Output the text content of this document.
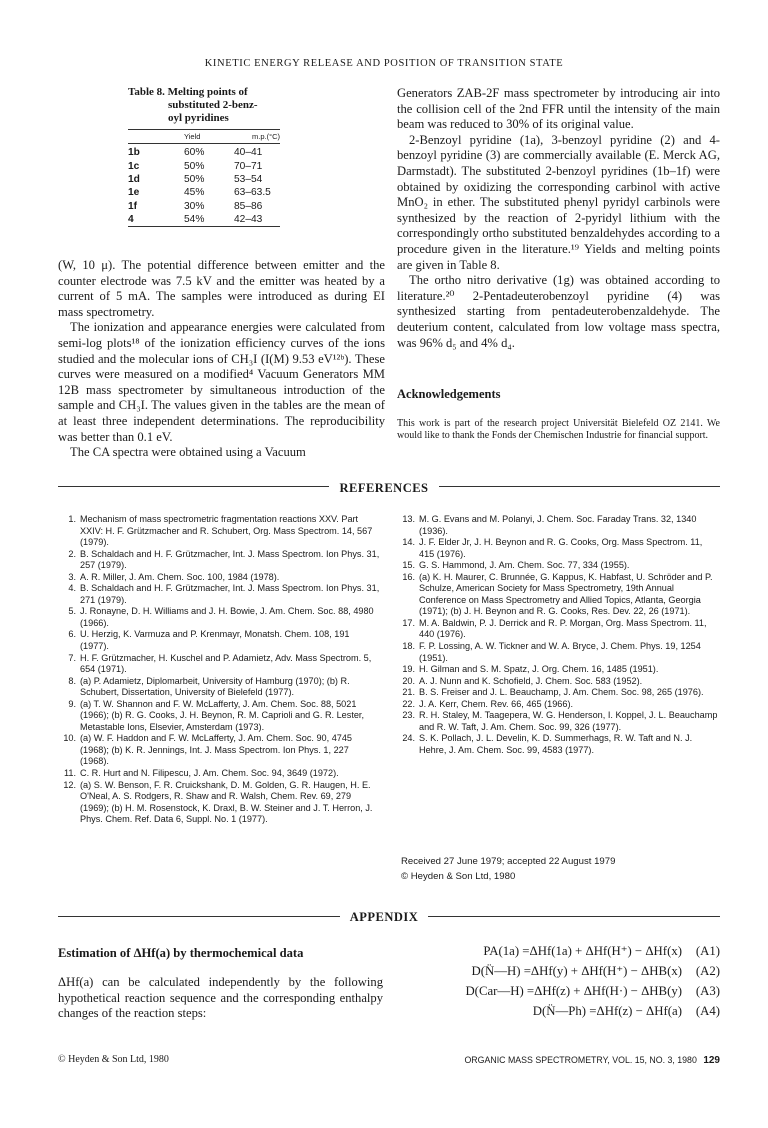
KINETIC ENERGY RELEASE AND POSITION OF TRANSITION STATE
Table 8. Melting points of
substituted 2-benz-
oyl pyridines
	Yield	m.p.(°C)

1b	60%	40–41
1c	50%	70–71
1d	50%	53–54
1e	45%	63–63.5
1f	30%	85–86
4	54%	42–43

(W, 10 μ). The potential difference between emitter and the counter electrode was 7.5 kV and the emitter was heated by a current of 5 mA. The samples were introduced as during EI mass spectrometry.

The ionization and appearance energies were calculated from semi-log plots¹⁸ of the ionization efficiency curves of the ions studied and the molecular ions of CH₃I (I(M) 9.53 eV¹²ᵇ). These curves were measured on a modified⁴ Vacuum Generators MM 12B mass spectrometer by simultaneous introduction of the sample and CH₃I. The values given in the tables are the mean of at least three independent determinations. The reproducibility was better than 0.1 eV.

The CA spectra were obtained using a Vacuum

Generators ZAB-2F mass spectrometer by introducing air into the collision cell of the 2nd FFR until the intensity of the main beam was reduced to 30% of its original value.

2-Benzoyl pyridine (1a), 3-benzoyl pyridine (2) and 4-benzoyl pyridine (3) are commercially available (E. Merck AG, Darmstadt). The substituted 2-benzoyl pyridines (1b–1f) were obtained by oxidizing the corresponding carbinol with active MnO₂ in ether. The substituted phenyl pyridyl carbinols were synthesized by the reaction of 2-pyridyl lithium with the correspondingly ortho substituted benzaldehydes according to a procedure given in the literature.¹⁹ Yields and melting points are given in Table 8.

The ortho nitro derivative (1g) was obtained according to literature.²⁰ 2-Pentadeuterobenzoyl pyridine (4) was synthesized starting from pentadeuterobenzaldehyde. The deuterium content, calculated from low voltage mass spectra, was 96% d₅ and 4% d₄.

Acknowledgements
This work is part of the research project Universität Bielefeld OZ 2141. We would like to thank the Fonds der Chemischen Industrie for financial support.
REFERENCES
1. Mechanism of mass spectrometric fragmentation reactions XXV. Part XXIV: H. F. Grützmacher and R. Schubert, Org. Mass Spectrom. 14, 567 (1979).
2. B. Schaldach and H. F. Grützmacher, Int. J. Mass Spectrom. Ion Phys. 31, 257 (1979).
3. A. R. Miller, J. Am. Chem. Soc. 100, 1984 (1978).
4. B. Schaldach and H. F. Grützmacher, Int. J. Mass Spectrom. Ion Phys. 31, 271 (1979).
5. J. Ronayne, D. H. Williams and J. H. Bowie, J. Am. Chem. Soc. 88, 4980 (1966).
6. U. Herzig, K. Varmuza and P. Krenmayr, Monatsh. Chem. 108, 191 (1977).
7. H. F. Grützmacher, H. Kuschel and P. Adamietz, Adv. Mass Spectrom. 5, 654 (1971).
8. (a) P. Adamietz, Diplomarbeit, University of Hamburg (1970); (b) R. Schubert, Dissertation, University of Bielefeld (1977).
9. (a) T. W. Shannon and F. W. McLafferty, J. Am. Chem. Soc. 88, 5021 (1966); (b) R. G. Cooks, J. H. Beynon, R. M. Caprioli and G. R. Lester, Metastable Ions, Elsevier, Amsterdam (1973).
10. (a) W. F. Haddon and F. W. McLafferty, J. Am. Chem. Soc. 90, 4745 (1968); (b) K. R. Jennings, Int. J. Mass Spectrom. Ion Phys. 1, 227 (1968).
11. C. R. Hurt and N. Filipescu, J. Am. Chem. Soc. 94, 3649 (1972).
12. (a) S. W. Benson, F. R. Cruickshank, D. M. Golden, G. R. Haugen, H. E. O'Neal, A. S. Rodgers, R. Shaw and R. Walsh, Chem. Rev. 69, 279 (1969); (b) H. M. Rosenstock, K. Draxl, B. W. Steiner and J. T. Herron, J. Phys. Chem. Ref. Data 6, Suppl. No. 1 (1977).
13. M. G. Evans and M. Polanyi, J. Chem. Soc. Faraday Trans. 32, 1340 (1936).
14. J. F. Elder Jr, J. H. Beynon and R. G. Cooks, Org. Mass Spectrom. 11, 415 (1976).
15. G. S. Hammond, J. Am. Chem. Soc. 77, 334 (1955).
16. (a) K. H. Maurer, C. Brunnée, G. Kappus, K. Habfast, U. Schröder and P. Schulze, American Society for Mass Spectrometry, 19th Annual Conference on Mass Spectrometry and Allied Topics, Atlanta, Georgia (1971); (b) J. H. Beynon and R. G. Cooks, Res. Dev. 22, 26 (1971).
17. M. A. Baldwin, P. J. Derrick and R. P. Morgan, Org. Mass Spectrom. 11, 440 (1976).
18. F. P. Lossing, A. W. Tickner and W. A. Bryce, J. Chem. Phys. 19, 1254 (1951).
19. H. Gilman and S. M. Spatz, J. Org. Chem. 16, 1485 (1951).
20. A. J. Nunn and K. Schofield, J. Chem. Soc. 583 (1952).
21. B. S. Freiser and J. L. Beauchamp, J. Am. Chem. Soc. 98, 265 (1976).
22. J. A. Kerr, Chem. Rev. 66, 465 (1966).
23. R. H. Staley, M. Taagepera, W. G. Henderson, I. Koppel, J. L. Beauchamp and R. W. Taft, J. Am. Chem. Soc. 99, 326 (1977).
24. S. K. Pollach, J. L. Develin, K. D. Summerhags, R. W. Taft and N. J. Hehre, J. Am. Chem. Soc. 99, 4583 (1977).
Received 27 June 1979; accepted 22 August 1979
© Heyden & Son Ltd, 1980
APPENDIX
Estimation of ΔHf(a) by thermochemical data
ΔHf(a) can be calculated independently by the following hypothetical reaction sequence and the corresponding enthalpy changes of the reaction steps:
PA(1a) = ΔHf(1a) + ΔHf(H⁺) − ΔHf(x)	(A1)
D(N̈—H) = ΔHf(y) + ΔHf(H⁺) − ΔHB(x)	(A2)
D(Car—H) = ΔHf(z) + ΔHf(H·) − ΔHB(y)	(A3)
D(N̈—Ph) = ΔHf(z) − ΔHf(a)	(A4)
© Heyden & Son Ltd, 1980	ORGANIC MASS SPECTROMETRY, VOL. 15, NO. 3, 1980 129
